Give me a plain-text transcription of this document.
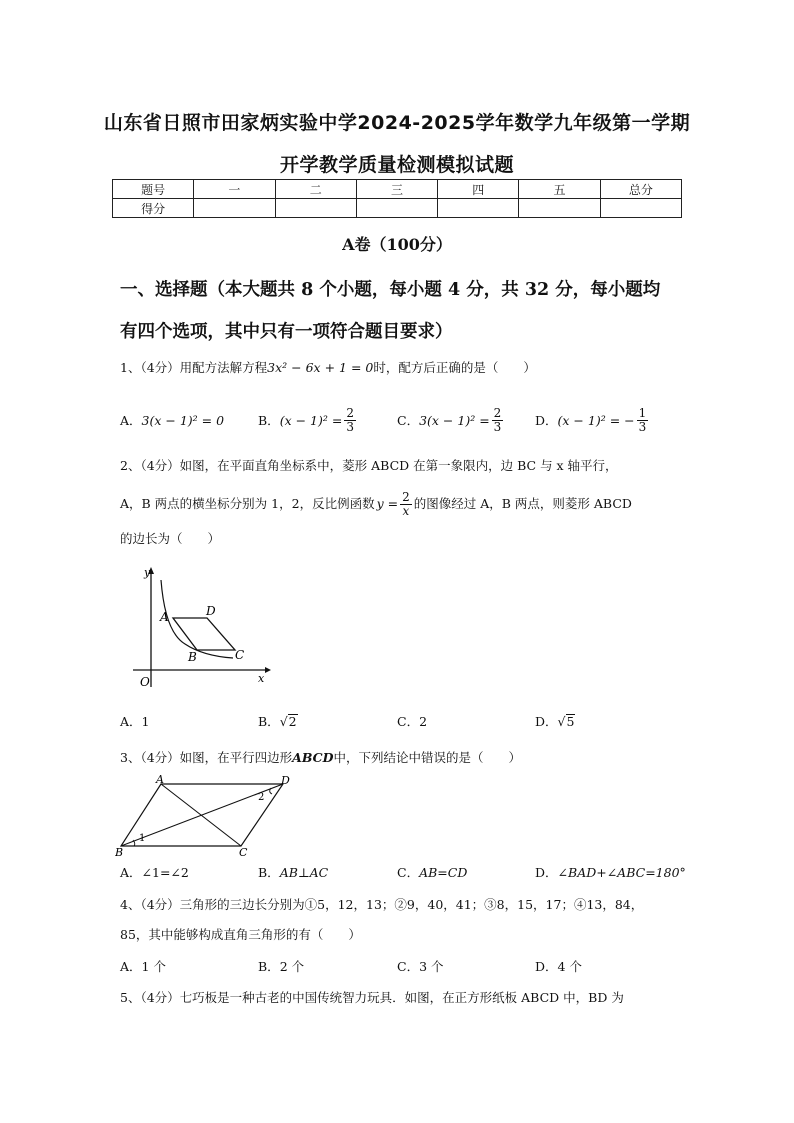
山东省日照市田家炳实验中学2024-2025学年数学九年级第一学期
开学教学质量检测模拟试题
题号	一	二	三	四	五	总分
得分						
A卷（100分）
一、选择题（本大题共 8 个小题，每小题 4 分，共 32 分，每小题均
有四个选项，其中只有一项符合题目要求）
1、（4分）用配方法解方程3x² − 6x + 1 = 0时，配方后正确的是（　　）
A． 3(x − 1)² = 0	B． $(x - 1)^2 = \frac{2}{3}$	C． $3(x - 1)^2 = \frac{2}{3}$	D． (x − 1)² = − $\frac{1}{3}$
2、（4分）如图，在平面直角坐标系中，菱形 ABCD 在第一象限内，边 BC 与 x 轴平行，
A，B 两点的横坐标分别为 1，2，反比例函数 $y = \frac{2}{x}$ 的图像经过 A，B 两点，则菱形 ABCD
的边长为（　　）
y
x
O
A
B	C
D
A． 1	B． √ 2	C． 2	D． √ 5
3、（4分）如图，在平行四边形ABCD中，下列结论中错误的是（　　）
A
B	C
D
1
2
A． ∠1=∠2	B． AB⊥AC	C． AB=CD	D． ∠BAD+∠ABC=180°
4、（4分）三角形的三边长分别为①5，12，13；②9，40，41；③8，15，17；④13，84，
85，其中能够构成直角三角形的有（　　）
A． 1 个	B． 2 个	C． 3 个	D． 4 个
5、（4分）七巧板是一种古老的中国传统智力玩具．如图，在正方形纸板 ABCD 中，BD 为
